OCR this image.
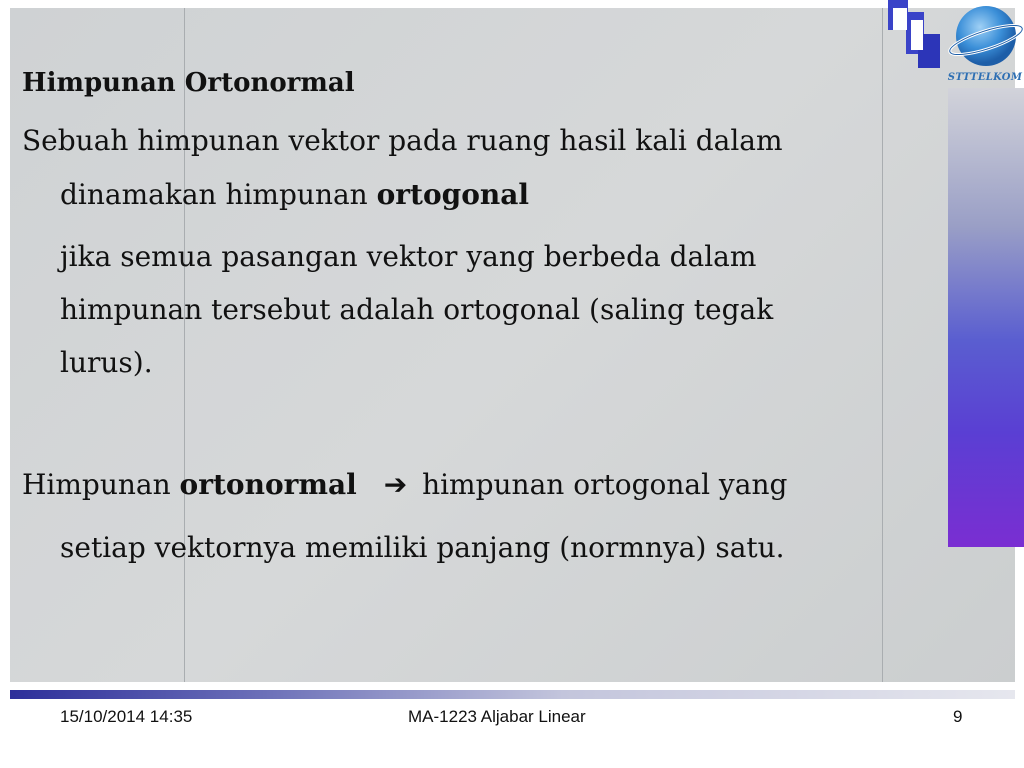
STTTELKOM
Himpunan Ortonormal
Sebuah himpunan vektor pada ruang hasil kali dalam
dinamakan himpunan ortogonal
jika semua pasangan vektor yang berbeda dalam
himpunan tersebut adalah ortogonal (saling tegak
lurus).
Himpunan ortonormal ➔ himpunan ortogonal yang
setiap vektornya memiliki panjang (normnya) satu.
15/10/2014 14:35	MA-1223 Aljabar Linear	9
